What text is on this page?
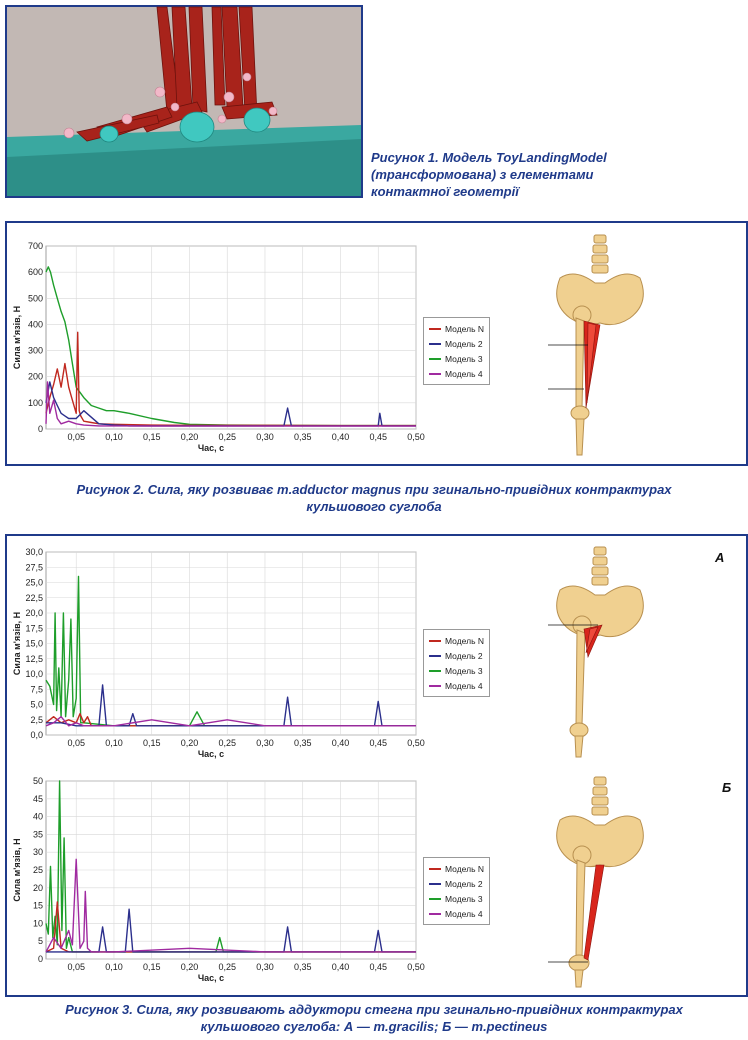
Рисунок 1. Модель ToyLandingModel
(трансформована) з елементами
контактної геометрії
0
100
200
300
400
500
600
700
0,05 0,10 0,15 0,20 0,25 0,30 0,35 0,40 0,45 0,50
Час, с
Сила м'язів, Н	Модель N
Модель 2
Модель 3
Модель 4
Рисунок 2. Сила, яку розвиває m.adductor magnus при згинально-привідних контрактурах
кульшового суглоба
0,0
2,5
5,0
7,5
10,0
12,5
15,0
17,5
20,0
22,5
25,0
27,5
30,0
0,05 0,10 0,15 0,20 0,25 0,30 0,35 0,40 0,45 0,50
Час, с
Сила м'язів, Н	Модель N
Модель 2
Модель 3
Модель 4
0
5
10
15
20
25
30
35
40
45
50
0,05 0,10 0,15 0,20 0,25 0,30 0,35 0,40 0,45 0,50
Час, с
Сила м'язів, Н	Модель N
Модель 2
Модель 3
Модель 4
А
Б
Рисунок 3. Сила, яку розвивають аддуктори стегна при згинально-привідних контрактурах
кульшового суглоба: А — m.gracilis; Б — m.pectineus
